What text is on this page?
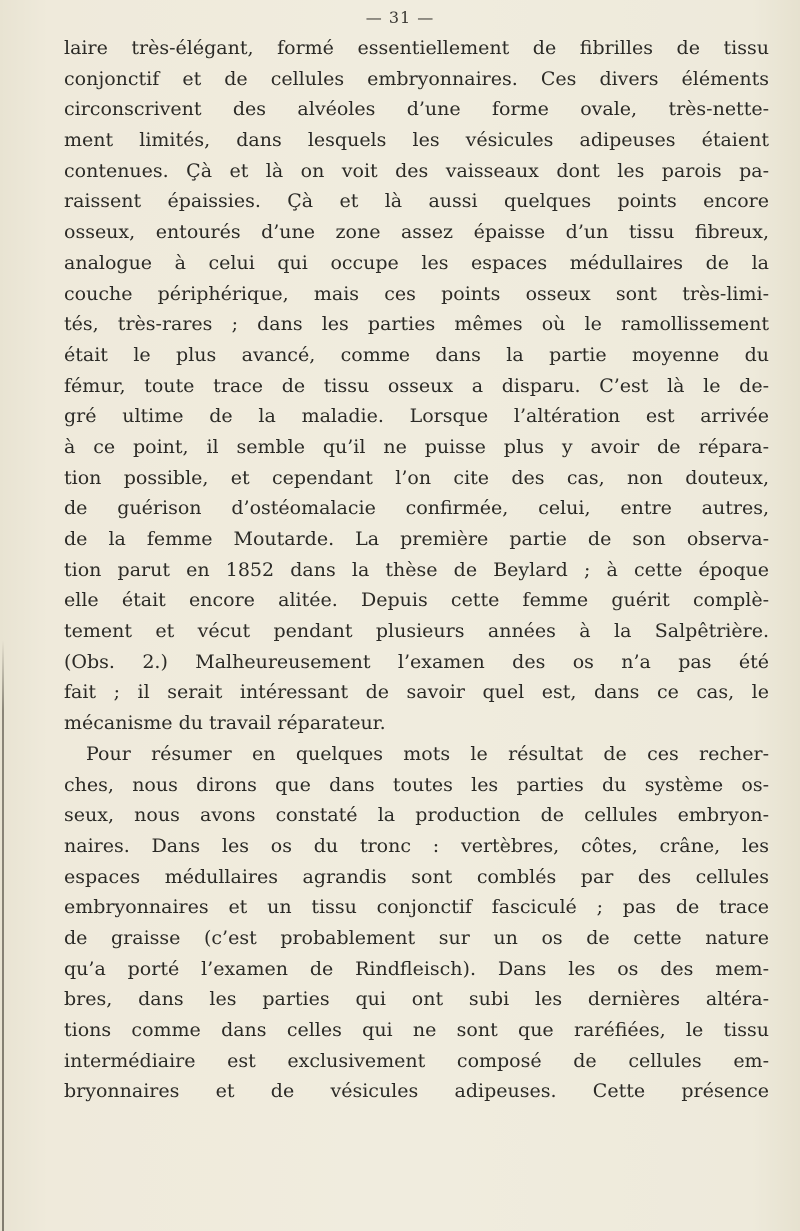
— 31 —
laire très-élégant, formé essentiellement de fibrilles de tissu
conjonctif et de cellules embryonnaires. Ces divers éléments
circonscrivent des alvéoles d’une forme ovale, très-nette-
ment limités, dans lesquels les vésicules adipeuses étaient
contenues. Çà et là on voit des vaisseaux dont les parois pa-
raissent épaissies. Çà et là aussi quelques points encore
osseux, entourés d’une zone assez épaisse d’un tissu fibreux,
analogue à celui qui occupe les espaces médullaires de la
couche périphérique, mais ces points osseux sont très-limi-
tés, très-rares ; dans les parties mêmes où le ramollissement
était le plus avancé, comme dans la partie moyenne du
fémur, toute trace de tissu osseux a disparu. C’est là le de-
gré ultime de la maladie. Lorsque l’altération est arrivée
à ce point, il semble qu’il ne puisse plus y avoir de répara-
tion possible, et cependant l’on cite des cas, non douteux,
de guérison d’ostéomalacie confirmée, celui, entre autres,
de la femme Moutarde. La première partie de son observa-
tion parut en 1852 dans la thèse de Beylard ; à cette époque
elle était encore alitée. Depuis cette femme guérit complè-
tement et vécut pendant plusieurs années à la Salpêtrière.
(Obs. 2.) Malheureusement l’examen des os n’a pas été
fait ; il serait intéressant de savoir quel est, dans ce cas, le
mécanisme du travail réparateur.
Pour résumer en quelques mots le résultat de ces recher-
ches, nous dirons que dans toutes les parties du système os-
seux, nous avons constaté la production de cellules embryon-
naires. Dans les os du tronc : vertèbres, côtes, crâne, les
espaces médullaires agrandis sont comblés par des cellules
embryonnaires et un tissu conjonctif fasciculé ; pas de trace
de graisse (c’est probablement sur un os de cette nature
qu’a porté l’examen de Rindfleisch). Dans les os des mem-
bres, dans les parties qui ont subi les dernières altéra-
tions comme dans celles qui ne sont que raréfiées, le tissu
intermédiaire est exclusivement composé de cellules em-
bryonnaires et de vésicules adipeuses. Cette présence
